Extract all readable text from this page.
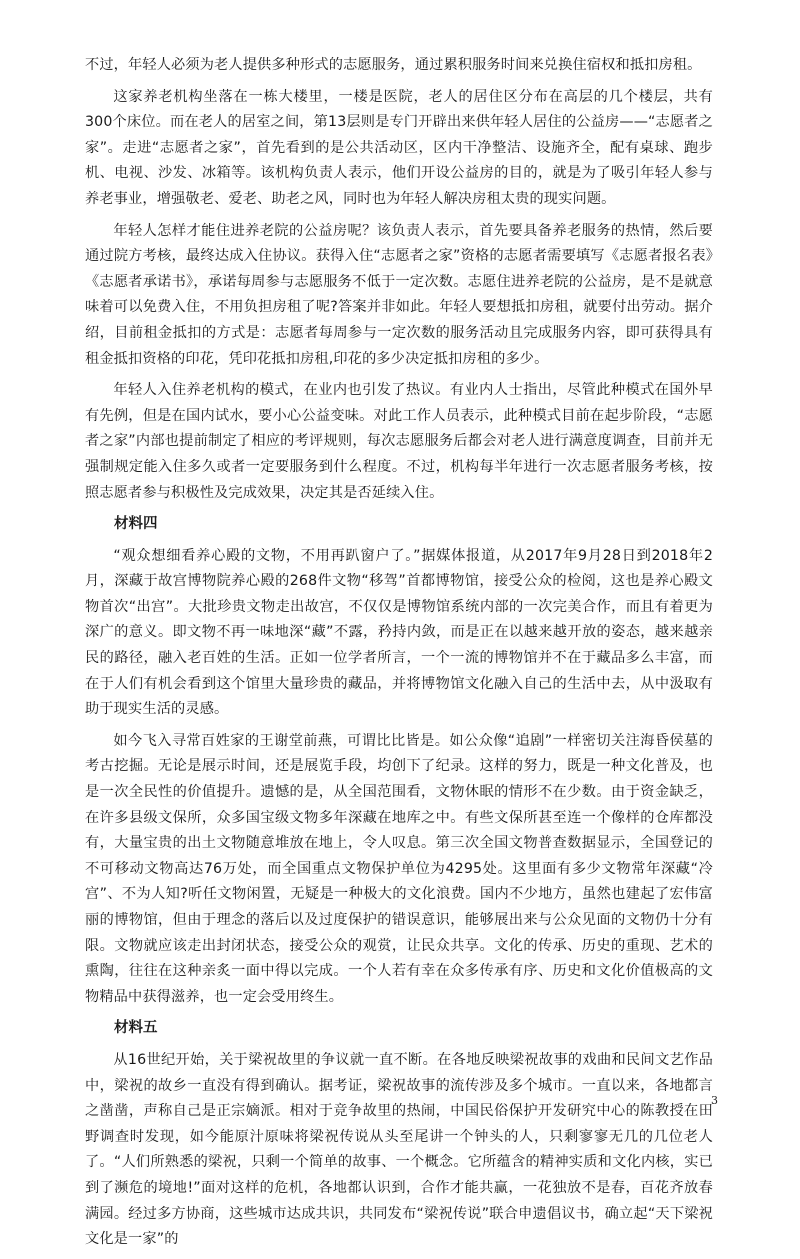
不过，年轻人必须为老人提供多种形式的志愿服务，通过累积服务时间来兑换住宿权和抵扣房租。

这家养老机构坐落在一栋大楼里，一楼是医院，老人的居住区分布在高层的几个楼层，共有300个床位。而在老人的居室之间，第13层则是专门开辟出来供年轻人居住的公益房——“志愿者之家”。走进“志愿者之家”，首先看到的是公共活动区，区内干净整洁、设施齐全，配有桌球、跑步机、电视、沙发、冰箱等。该机构负责人表示，他们开设公益房的目的，就是为了吸引年轻人参与养老事业，增强敬老、爱老、助老之风，同时也为年轻人解决房租太贵的现实问题。

年轻人怎样才能住进养老院的公益房呢？该负责人表示，首先要具备养老服务的热情，然后要通过院方考核，最终达成入住协议。获得入住“志愿者之家”资格的志愿者需要填写《志愿者报名表》《志愿者承诺书》，承诺每周参与志愿服务不低于一定次数。志愿住进养老院的公益房，是不是就意味着可以免费入住，不用负担房租了呢?答案并非如此。年轻人要想抵扣房租，就要付出劳动。据介绍，目前租金抵扣的方式是：志愿者每周参与一定次数的服务活动且完成服务内容，即可获得具有租金抵扣资格的印花，凭印花抵扣房租,印花的多少决定抵扣房租的多少。

年轻人入住养老机构的模式，在业内也引发了热议。有业内人士指出，尽管此种模式在国外早有先例，但是在国内试水，要小心公益变味。对此工作人员表示，此种模式目前在起步阶段，“志愿者之家”内部也提前制定了相应的考评规则，每次志愿服务后都会对老人进行满意度调查，目前并无强制规定能入住多久或者一定要服务到什么程度。不过，机构每半年进行一次志愿者服务考核，按照志愿者参与积极性及完成效果，决定其是否延续入住。

材料四

“观众想细看养心殿的文物，不用再趴窗户了。”据媒体报道，从2017年9月28日到2018年2月，深藏于故宫博物院养心殿的268件文物“移驾”首都博物馆，接受公众的检阅，这也是养心殿文物首次“出宫”。大批珍贵文物走出故宫，不仅仅是博物馆系统内部的一次完美合作，而且有着更为深广的意义。即文物不再一味地深“藏”不露，矜持内敛，而是正在以越来越开放的姿态，越来越亲民的路径，融入老百姓的生活。正如一位学者所言，一个一流的博物馆并不在于藏品多么丰富，而在于人们有机会看到这个馆里大量珍贵的藏品，并将博物馆文化融入自己的生活中去，从中汲取有助于现实生活的灵感。

如今飞入寻常百姓家的王谢堂前燕，可谓比比皆是。如公众像“追剧”一样密切关注海昏侯墓的考古挖掘。无论是展示时间，还是展览手段，均创下了纪录。这样的努力，既是一种文化普及，也是一次全民性的价值提升。遗憾的是，从全国范围看，文物休眠的情形不在少数。由于资金缺乏，在许多县级文保所，众多国宝级文物多年深藏在地库之中。有些文保所甚至连一个像样的仓库都没有，大量宝贵的出土文物随意堆放在地上，令人叹息。第三次全国文物普查数据显示，全国登记的不可移动文物高达76万处，而全国重点文物保护单位为4295处。这里面有多少文物常年深藏“冷宫”、不为人知?听任文物闲置，无疑是一种极大的文化浪费。国内不少地方，虽然也建起了宏伟富丽的博物馆，但由于理念的落后以及过度保护的错误意识，能够展出来与公众见面的文物仍十分有限。文物就应该走出封闭状态，接受公众的观赏，让民众共享。文化的传承、历史的重现、艺术的熏陶，往往在这种亲炙一面中得以完成。一个人若有幸在众多传承有序、历史和文化价值极高的文物精品中获得滋养，也一定会受用终生。

材料五

从16世纪开始，关于梁祝故里的争议就一直不断。在各地反映梁祝故事的戏曲和民间文艺作品中，梁祝的故乡一直没有得到确认。据考证，梁祝故事的流传涉及多个城市。一直以来，各地都言之凿凿，声称自己是正宗嫡派。相对于竞争故里的热闹，中国民俗保护开发研究中心的陈教授在田野调查时发现，如今能原汁原味将梁祝传说从头至尾讲一个钟头的人，只剩寥寥无几的几位老人了。“人们所熟悉的梁祝，只剩一个简单的故事、一个概念。它所蕴含的精神实质和文化内核，实已到了濒危的境地!”面对这样的危机，各地都认识到，合作才能共赢，一花独放不是春，百花齐放春满园。经过多方协商，这些城市达成共识，共同发布“梁祝传说”联合申遗倡议书，确立起“天下梁祝文化是一家”的

3
